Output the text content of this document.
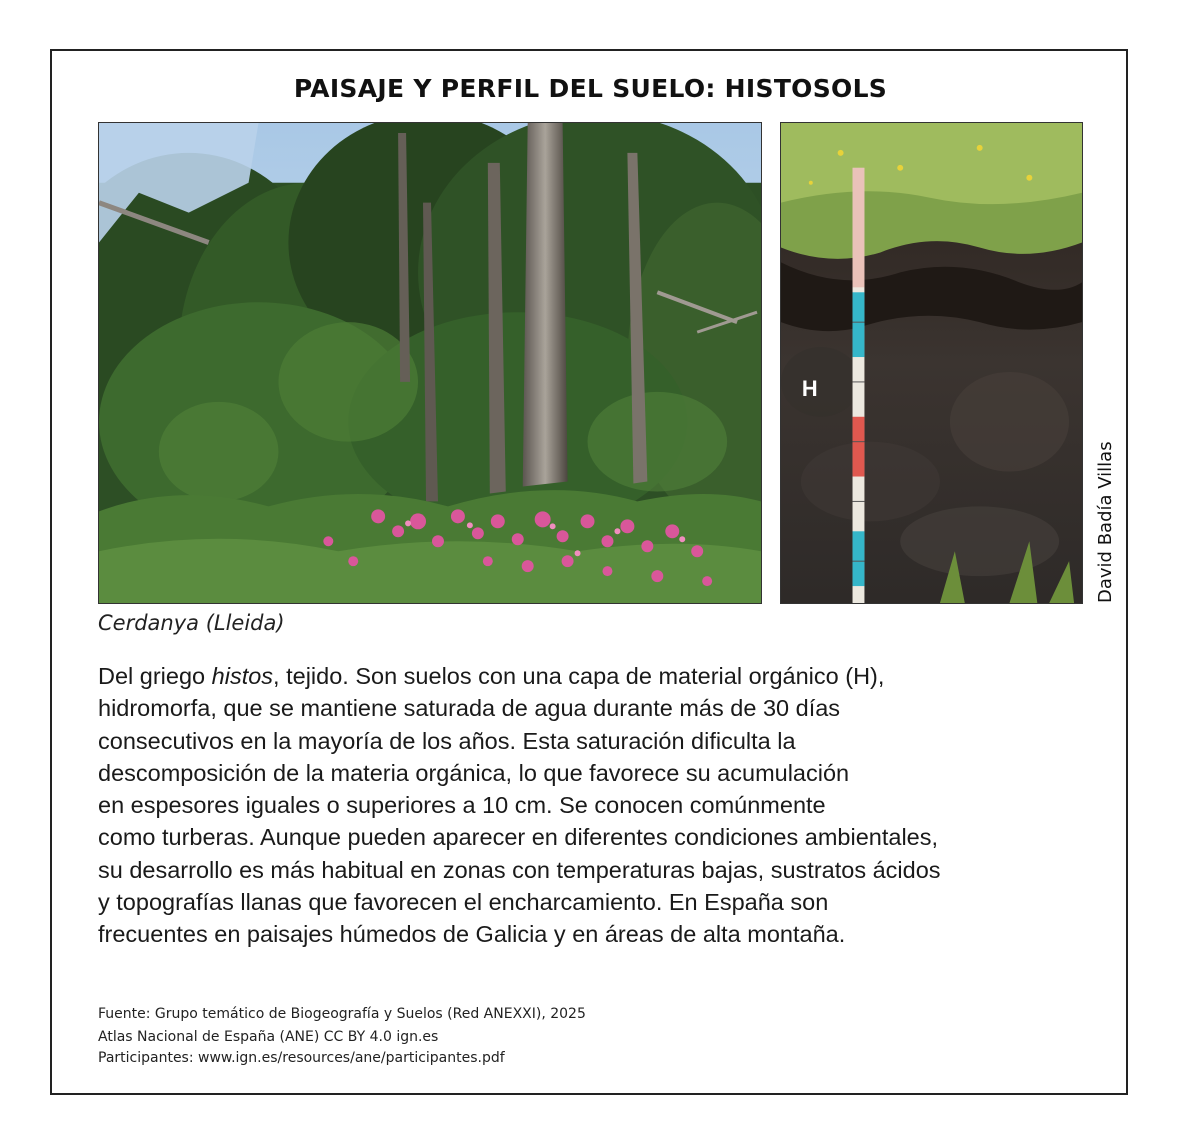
PAISAJE Y PERFIL DEL SUELO: HISTOSOLS
H
David Badía Villas
Cerdanya (Lleida)

Del griego histos, tejido. Son suelos con una capa de material orgánico (H),

hidromorfa, que se mantiene saturada de agua durante más de 30 días

consecutivos en la mayoría de los años. Esta saturación dificulta la

descomposición de la materia orgánica, lo que favorece su acumulación

en espesores iguales o superiores a 10 cm. Se conocen comúnmente

como turberas. Aunque pueden aparecer en diferentes condiciones ambientales,

su desarrollo es más habitual en zonas con temperaturas bajas, sustratos ácidos

y topografías llanas que favorecen el encharcamiento. En España son

frecuentes en paisajes húmedos de Galicia y en áreas de alta montaña.

Fuente: Grupo temático de Biogeografía y Suelos (Red ANEXXI), 2025
Atlas Nacional de España (ANE) CC BY 4.0 ign.es
Participantes: www.ign.es/resources/ane/participantes.pdf
